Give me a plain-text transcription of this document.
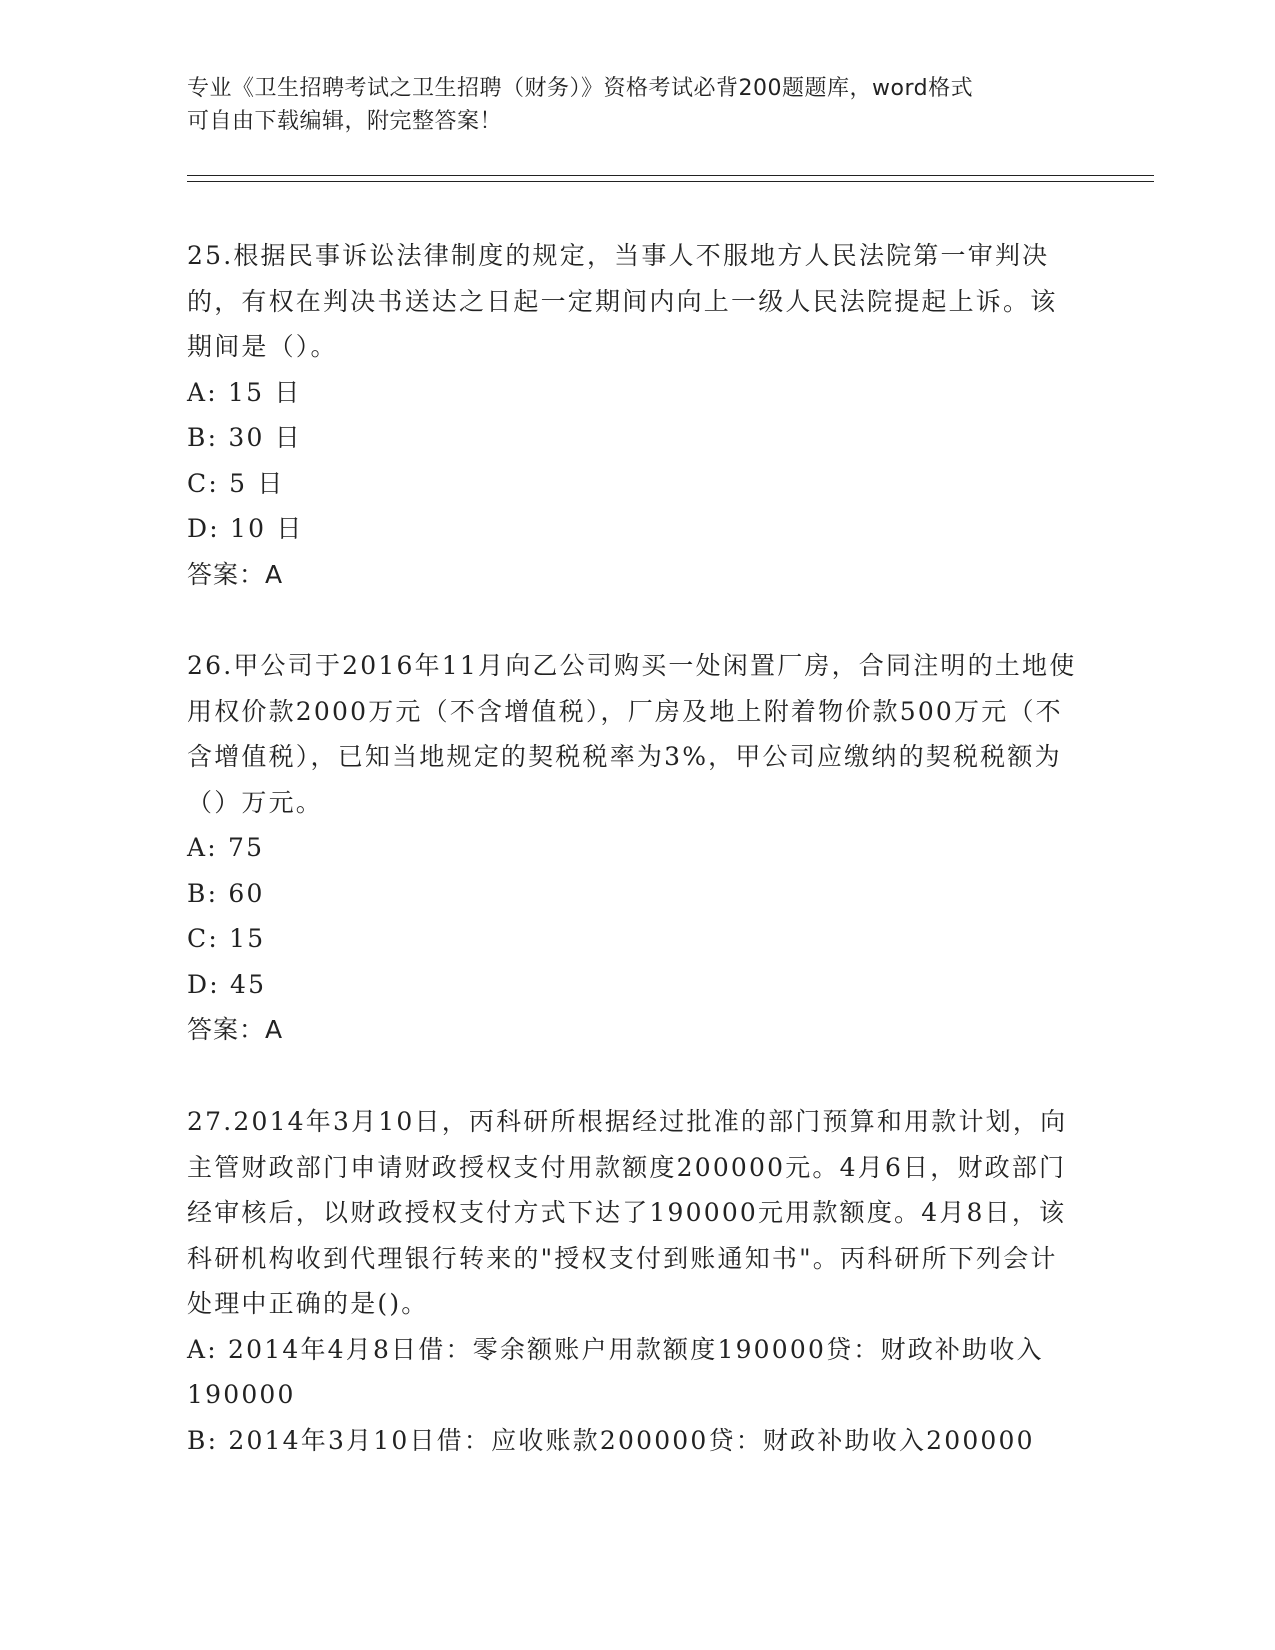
专业《卫生招聘考试之卫生招聘（财务）》资格考试必背200题题库，word格式
可自由下载编辑，附完整答案！

25.根据民事诉讼法律制度的规定，当事人不服地方人民法院第一审判决的，有权在判决书送达之日起一定期间内向上一级人民法院提起上诉。该期间是（）。

A: 15 日

B: 30 日

C: 5 日

D: 10 日

答案：A

26.甲公司于2016年11月向乙公司购买一处闲置厂房，合同注明的土地使用权价款2000万元（不含增值税），厂房及地上附着物价款500万元（不含增值税），已知当地规定的契税税率为3%，甲公司应缴纳的契税税额为（）万元。

A: 75

B: 60

C: 15

D: 45

答案：A

27.2014年3月10日，丙科研所根据经过批准的部门预算和用款计划，向主管财政部门申请财政授权支付用款额度200000元。4月6日，财政部门经审核后，以财政授权支付方式下达了190000元用款额度。4月8日，该科研机构收到代理银行转来的"授权支付到账通知书"。丙科研所下列会计处理中正确的是()。

A: 2014年4月8日借：零余额账户用款额度190000贷：财政补助收入190000

B: 2014年3月10日借：应收账款200000贷：财政补助收入200000
